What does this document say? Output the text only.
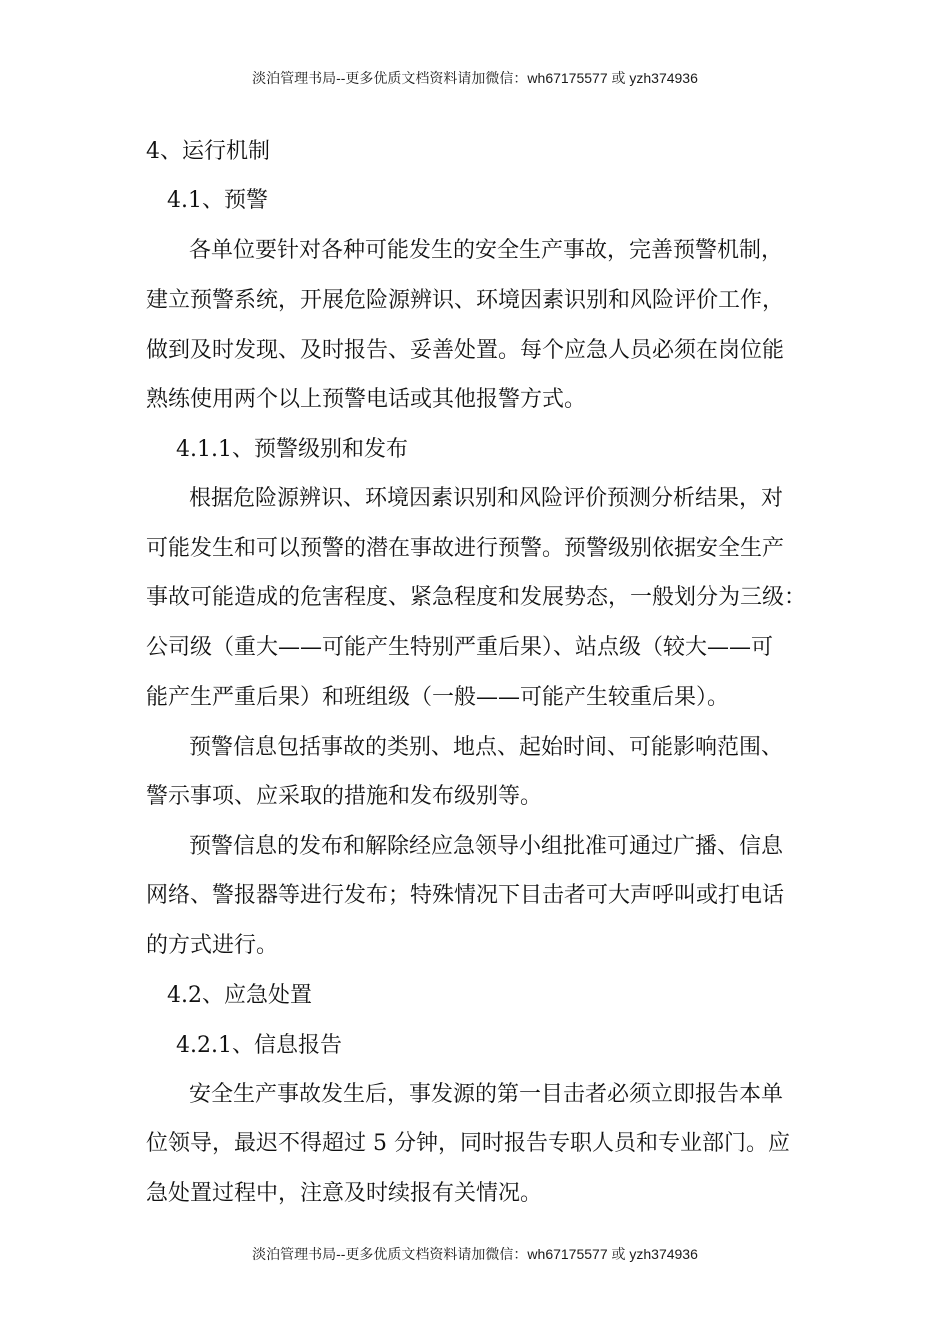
淡泊管理书局--更多优质文档资料请加微信：wh67175577 或 yzh374936
4、运行机制
4.1、预警
各单位要针对各种可能发生的安全生产事故，完善预警机制，
建立预警系统，开展危险源辨识、环境因素识别和风险评价工作，
做到及时发现、及时报告、妥善处置。每个应急人员必须在岗位能
熟练使用两个以上预警电话或其他报警方式。
4.1.1、预警级别和发布
根据危险源辨识、环境因素识别和风险评价预测分析结果，对
可能发生和可以预警的潜在事故进行预警。预警级别依据安全生产
事故可能造成的危害程度、紧急程度和发展势态，一般划分为三级：
公司级（重大——可能产生特别严重后果）、站点级（较大——可
能产生严重后果）和班组级（一般——可能产生较重后果）。
预警信息包括事故的类别、地点、起始时间、可能影响范围、
警示事项、应采取的措施和发布级别等。
预警信息的发布和解除经应急领导小组批准可通过广播、信息
网络、警报器等进行发布；特殊情况下目击者可大声呼叫或打电话
的方式进行。
4.2、应急处置
4.2.1、信息报告
安全生产事故发生后，事发源的第一目击者必须立即报告本单
位领导，最迟不得超过 5 分钟，同时报告专职人员和专业部门。应
急处置过程中，注意及时续报有关情况。
淡泊管理书局--更多优质文档资料请加微信：wh67175577 或 yzh374936
